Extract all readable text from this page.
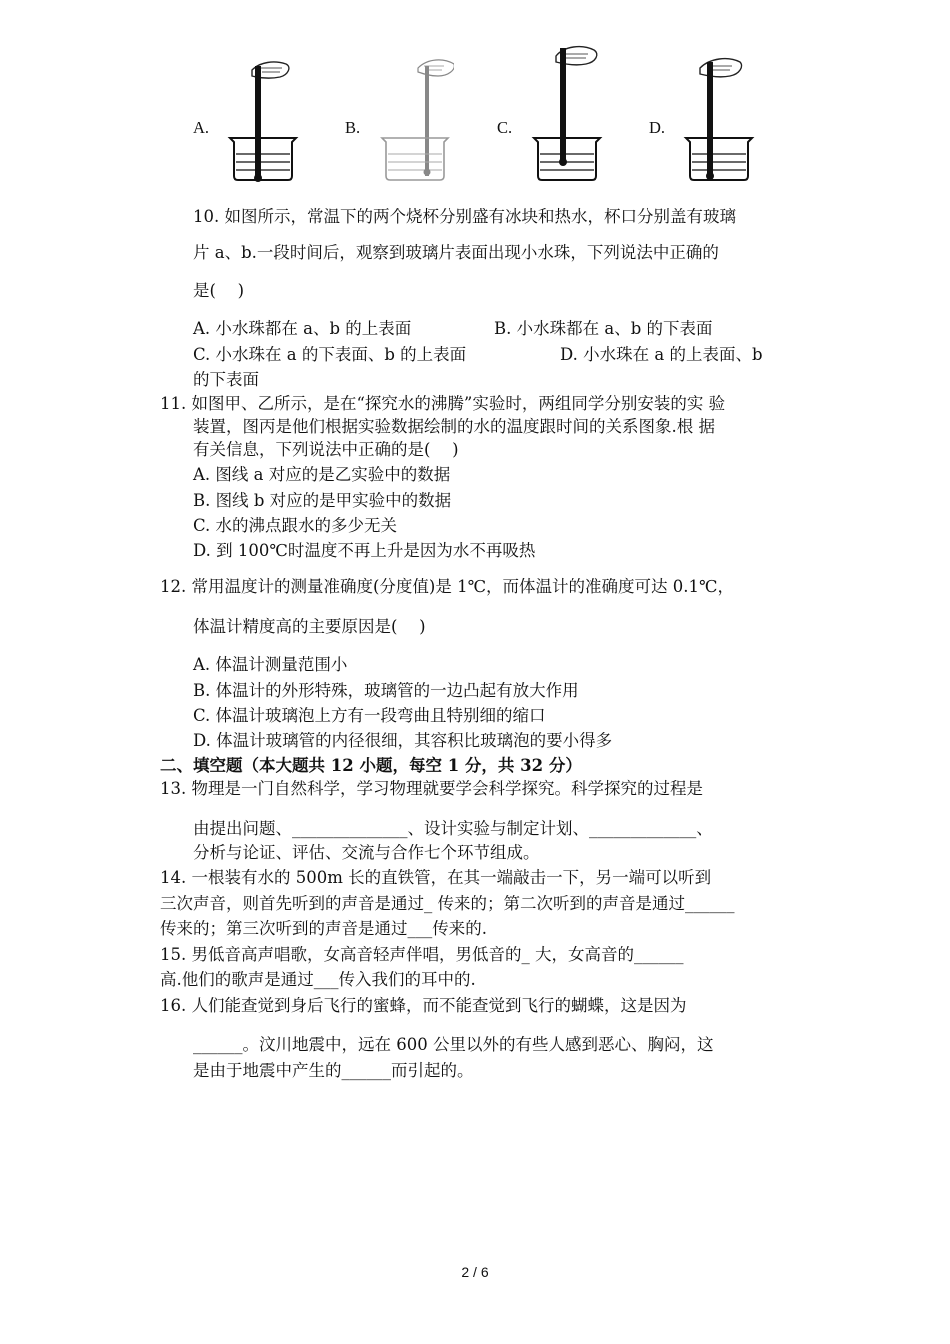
A.	B.	C.	D.
10. 如图所示，常温下的两个烧杯分别盛有冰块和热水，杯口分别盖有玻璃
片 a、b.一段时间后，观察到玻璃片表面出现小水珠，下列说法中正确的
是(　 )
A. 小水珠都在 a、b 的上表面	B. 小水珠都在 a、b 的下表面
C. 小水珠在 a 的下表面、b 的上表面	D. 小水珠在 a 的上表面、b
的下表面
11. 如图甲、乙所示，是在“探究水的沸腾”实验时，两组同学分别安装的实 验
装置，图丙是他们根据实验数据绘制的水的温度跟时间的关系图象.根 据
有关信息，下列说法中正确的是(　 )
A. 图线 a 对应的是乙实验中的数据
B. 图线 b 对应的是甲实验中的数据
C. 水的沸点跟水的多少无关
D. 到 100℃时温度不再上升是因为水不再吸热
12. 常用温度计的测量准确度(分度值)是 1℃，而体温计的准确度可达 0.1℃，
体温计精度高的主要原因是(　 )
A. 体温计测量范围小
B. 体温计的外形特殊，玻璃管的一边凸起有放大作用
C. 体温计玻璃泡上方有一段弯曲且特别细的缩口
D. 体温计玻璃管的内径很细，其容积比玻璃泡的要小得多
二、填空题（本大题共 12 小题，每空 1 分，共 32 分）
13. 物理是一门自然科学，学习物理就要学会科学探究。科学探究的过程是
由提出问题、______________、设计实验与制定计划、_____________、
分析与论证、评估、交流与合作七个环节组成。
14. 一根装有水的 500m 长的直铁管，在其一端敲击一下，另一端可以听到
三次声音，则首先听到的声音是通过_ 传来的；第二次听到的声音是通过______
传来的；第三次听到的声音是通过___传来的.
15. 男低音高声唱歌，女高音轻声伴唱，男低音的_ 大，女高音的______
高.他们的歌声是通过___传入我们的耳中的.
16. 人们能查觉到身后飞行的蜜蜂，而不能查觉到飞行的蝴蝶，这是因为
______。汶川地震中，远在 600 公里以外的有些人感到恶心、胸闷，这
是由于地震中产生的______而引起的。
2 / 6
